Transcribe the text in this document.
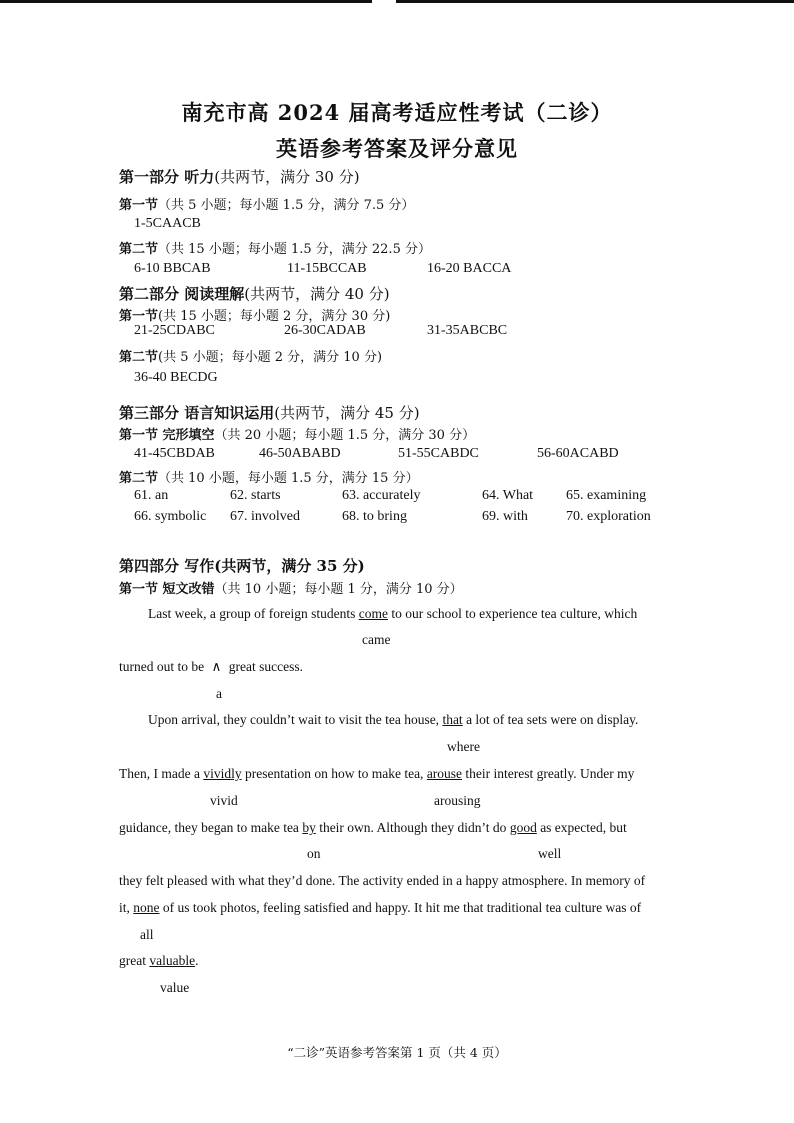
南充市高 2024 届高考适应性考试（二诊）
英语参考答案及评分意见
第一部分 听力(共两节，满分 30 分)
第一节（共 5 小题；每小题 1.5 分，满分 7.5 分）
1-5CAACB
第二节（共 15 小题；每小题 1.5 分，满分 22.5 分）
6-10 BBCAB	11-15BCCAB	16-20 BACCA
第二部分 阅读理解(共两节，满分 40 分)
第一节(共 15 小题；每小题 2 分，满分 30 分)
21-25CDABC	26-30CADAB	31-35ABCBC
第二节(共 5 小题；每小题 2 分，满分 10 分)
36-40 BECDG
第三部分 语言知识运用(共两节，满分 45 分)
第一节 完形填空（共 20 小题；每小题 1.5 分，满分 30 分）
41-45CBDAB	46-50ABABD	51-55CABDC	56-60ACABD
第二节（共 10 小题，每小题 1.5 分，满分 15 分）
61. an	62. starts	63. accurately	64. What 65. examining
66. symbolic 67. involved	68. to bring	69. with	70. exploration
第四部分 写作(共两节，满分 35 分)
第一节 短文改错（共 10 小题；每小题 1 分，满分 10 分）
Last week, a group of foreign students come to our school to experience tea culture, which
came
turned out to be ∧ great success.
a
Upon arrival, they couldn’t wait to visit the tea house, that a lot of tea sets were on display.
where
Then, I made a vividly presentation on how to make tea, arouse their interest greatly. Under my
vivid	arousing
guidance, they began to make tea by their own. Although they didn’t do good as expected, but
on	well
they felt pleased with what they’d done. The activity ended in a happy atmosphere. In memory of
it, none of us took photos, feeling satisfied and happy. It hit me that traditional tea culture was of
all
great valuable.
value
“二诊”英语参考答案第 1 页（共 4 页）
